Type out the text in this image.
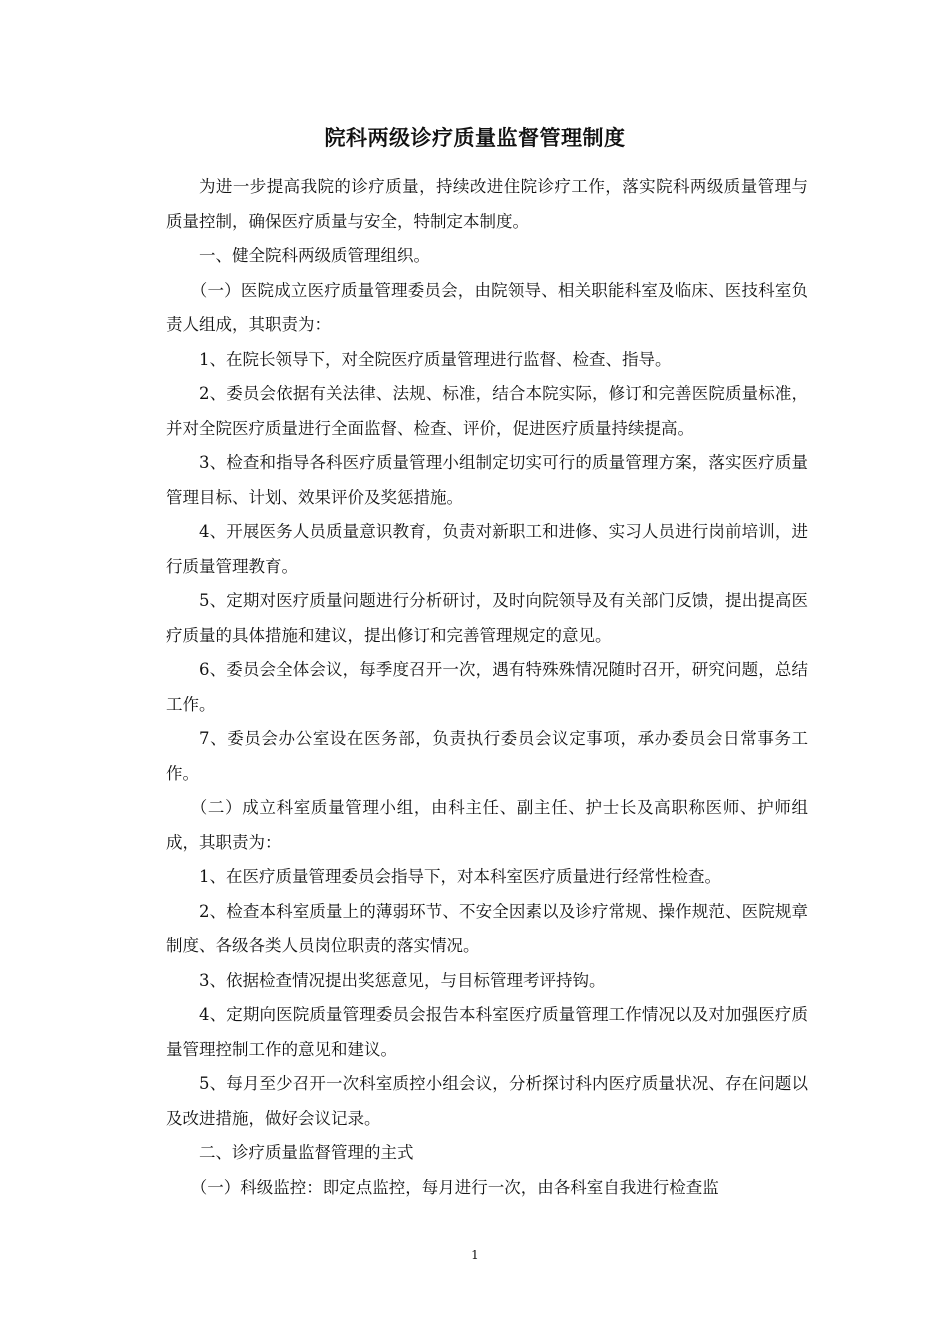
院科两级诊疗质量监督管理制度

为进一步提高我院的诊疗质量，持续改进住院诊疗工作，落实院科两级质量管理与质量控制，确保医疗质量与安全，特制定本制度。

一、健全院科两级质管理组织。

（一）医院成立医疗质量管理委员会，由院领导、相关职能科室及临床、医技科室负责人组成，其职责为：

1、在院长领导下，对全院医疗质量管理进行监督、检查、指导。

2、委员会依据有关法律、法规、标准，结合本院实际，修订和完善医院质量标准，并对全院医疗质量进行全面监督、检查、评价，促进医疗质量持续提高。

3、检查和指导各科医疗质量管理小组制定切实可行的质量管理方案，落实医疗质量管理目标、计划、效果评价及奖惩措施。

4、开展医务人员质量意识教育，负责对新职工和进修、实习人员进行岗前培训，进行质量管理教育。

5、定期对医疗质量问题进行分析研讨，及时向院领导及有关部门反馈，提出提高医疗质量的具体措施和建议，提出修订和完善管理规定的意见。

6、委员会全体会议，每季度召开一次，遇有特殊殊情况随时召开，研究问题，总结工作。

7、委员会办公室设在医务部，负责执行委员会议定事项，承办委员会日常事务工作。

（二）成立科室质量管理小组，由科主任、副主任、护士长及高职称医师、护师组成，其职责为：

1、在医疗质量管理委员会指导下，对本科室医疗质量进行经常性检查。

2、检查本科室质量上的薄弱环节、不安全因素以及诊疗常规、操作规范、医院规章制度、各级各类人员岗位职责的落实情况。

3、依据检查情况提出奖惩意见，与目标管理考评持钩。

4、定期向医院质量管理委员会报告本科室医疗质量管理工作情况以及对加强医疗质量管理控制工作的意见和建议。

5、每月至少召开一次科室质控小组会议，分析探讨科内医疗质量状况、存在问题以及改进措施，做好会议记录。

二、诊疗质量监督管理的主式

（一）科级监控：即定点监控，每月进行一次，由各科室自我进行检查监

1
